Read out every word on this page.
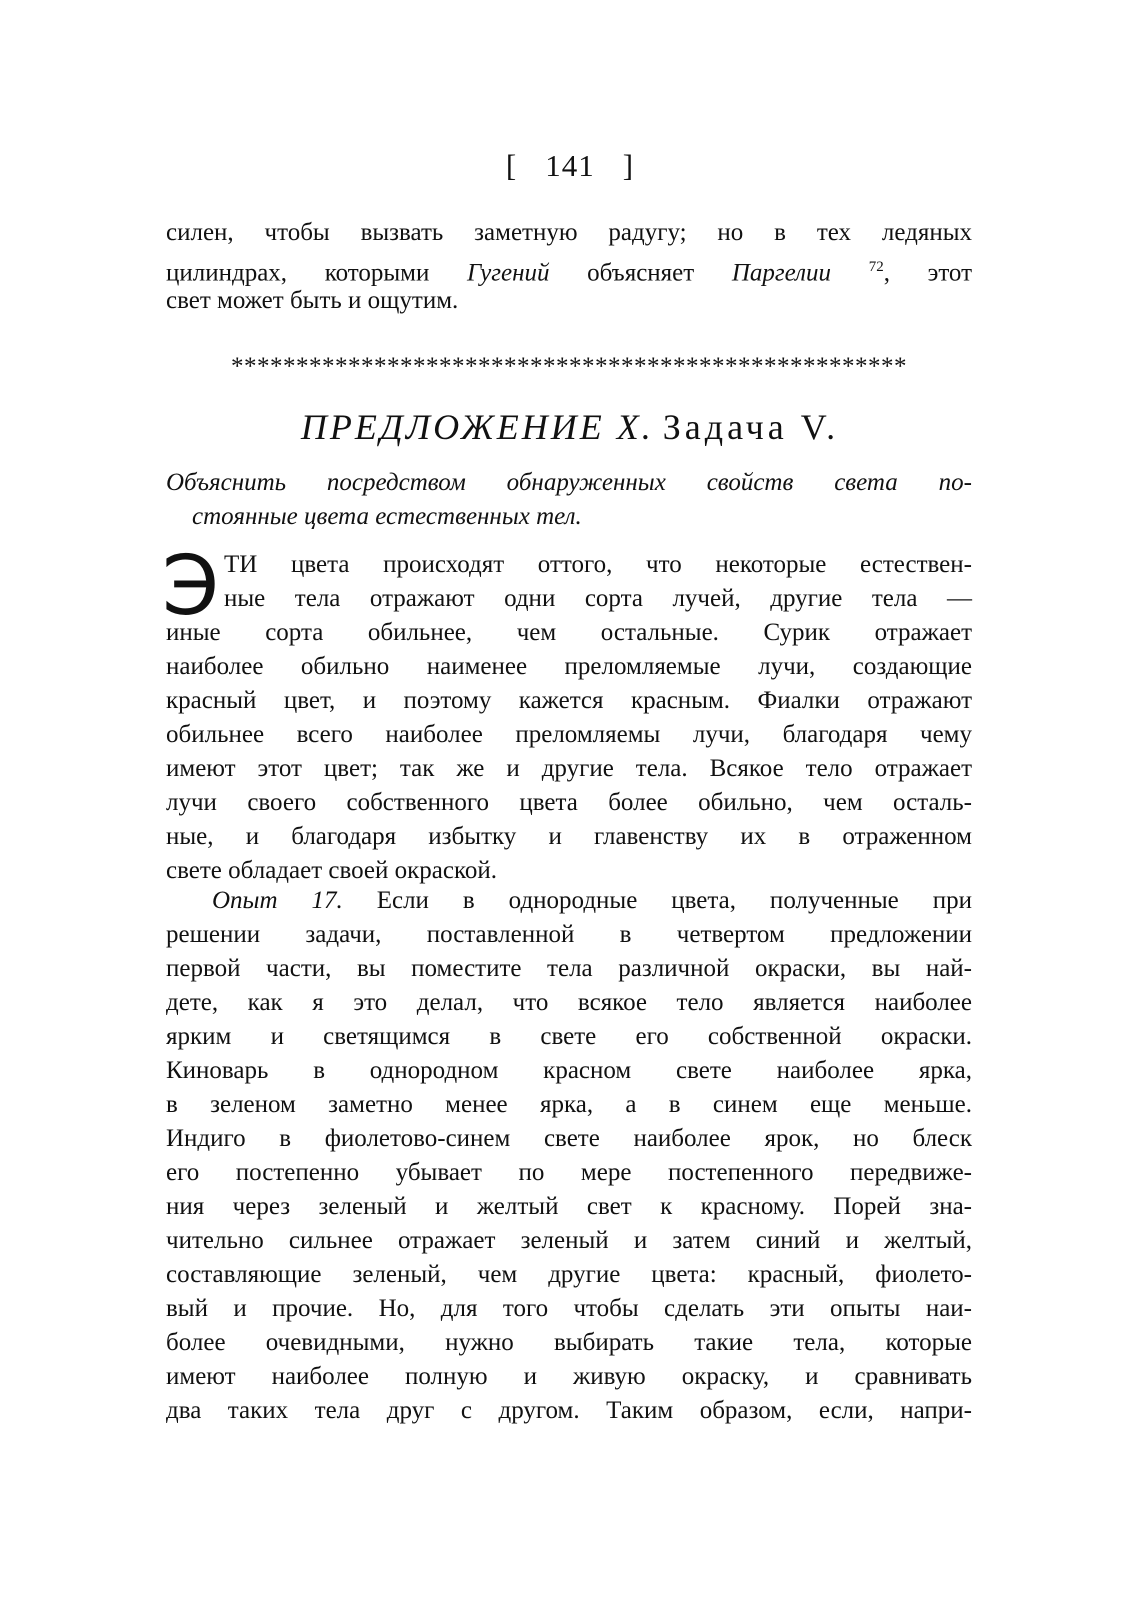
[ 141 ]
силен, чтобы вызвать заметную радугу; но в тех ледяных
цилиндрах, которыми Гугений объясняет Паргелии	$^{72}$, этот
свет может быть и ощутим.
****************************************************
ПРЕДЛОЖЕНИЕ X. Задача V.
Объяснить посредством обнаруженных свойств света по-
стоянные цвета естественных тел.
Э ТИ цвета происходят оттого, что некоторые естествен-
ные тела отражают одни сорта лучей, другие тела —
иные сорта обильнее, чем остальные. Сурик отражает
наиболее обильно наименее преломляемые лучи, создающие
красный цвет, и поэтому кажется красным. Фиалки отражают
обильнее всего наиболее преломляемы лучи, благодаря чему
имеют этот цвет; так же и другие тела. Всякое тело отражает
лучи своего собственного цвета более обильно, чем осталь-
ные, и благодаря избытку и главенству их в отраженном
свете обладает своей окраской.
Опыт 17. Если в однородные цвета, полученные при
решении задачи, поставленной в четвертом предложении
первой части, вы поместите тела различной окраски, вы най-
дете, как я это делал, что всякое тело является наиболее
ярким и светящимся в свете его собственной окраски.
Киноварь в однородном красном свете наиболее ярка,
в зеленом заметно менее ярка, а в синем еще меньше.
Индиго в фиолетово-синем свете наиболее ярок, но блеск
его постепенно убывает по мере постепенного передвиже-
ния через зеленый и желтый свет к красному. Порей зна-
чительно сильнее отражает зеленый и затем синий и желтый,
составляющие зеленый, чем другие цвета: красный, фиолето-
вый и прочие. Но, для того чтобы сделать эти опыты наи-
более очевидными, нужно выбирать такие тела, которые
имеют наиболее полную и живую окраску, и сравнивать
два таких тела друг с другом. Таким образом, если, напри-
